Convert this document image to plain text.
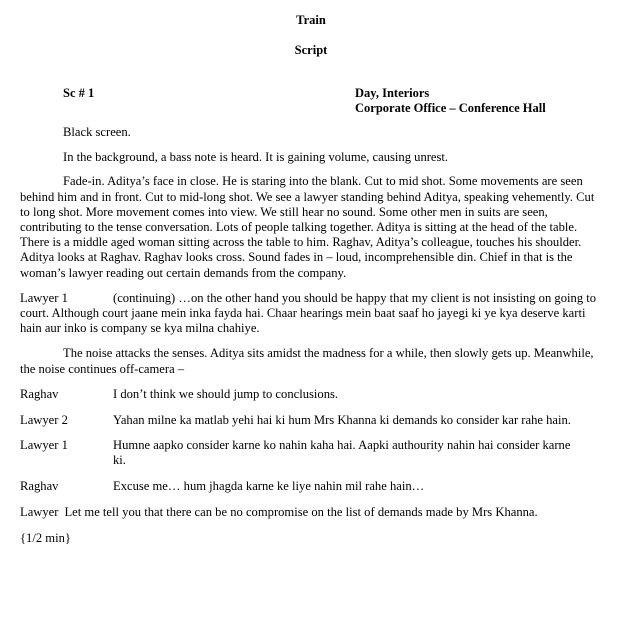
Train
Script
Sc # 1	Day, Interiors
Corporate Office – Conference Hall

Black screen.

In the background, a bass note is heard. It is gaining volume, causing unrest.

Fade-in. Aditya’s face in close. He is staring into the blank. Cut to mid shot. Some movements are seen behind him and in front. Cut to mid-long shot. We see a lawyer standing behind Aditya, speaking vehemently. Cut to long shot. More movement comes into view. We still hear no sound. Some other men in suits are seen, contributing to the tense conversation. Lots of people talking together. Aditya is sitting at the head of the table. There is a middle aged woman sitting across the table to him. Raghav, Aditya’s colleague, touches his shoulder. Aditya looks at Raghav. Raghav looks cross. Sound fades in – loud, incomprehensible din. Chief in that is the woman’s lawyer reading out certain demands from the company.

Lawyer 1	(continuing) …on the other hand you should be happy that my client is not insisting on going to court. Although court jaane mein inka fayda hai. Chaar hearings mein baat saaf ho jayegi ki ye kya deserve karti hain aur inko is company se kya milna chahiye.

The noise attacks the senses. Aditya sits amidst the madness for a while, then slowly gets up. Meanwhile, the noise continues off-camera –

Raghav	I don’t think we should jump to conclusions.
Lawyer 2	Yahan milne ka matlab yehi hai ki hum Mrs Khanna ki demands ko consider kar rahe hain.
Lawyer 1	Humne aapko consider karne ko nahin kaha hai. Aapki authourity nahin hai consider karne ki.
Raghav	Excuse me… hum jhagda karne ke liye nahin mil rahe hain…

Lawyer Let me tell you that there can be no compromise on the list of demands made by Mrs Khanna.

{1/2 min}
